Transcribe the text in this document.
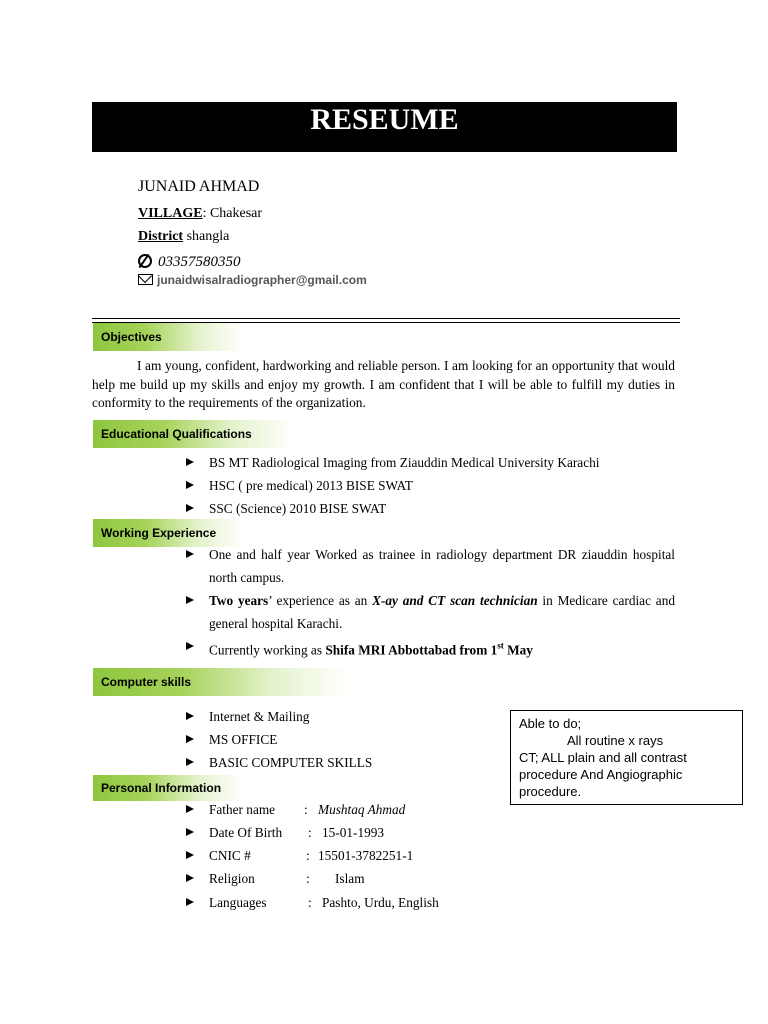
RESEUME
JUNAID AHMAD
VILLAGE: Chakesar
District shangla
03357580350
junaidwisalradiographer@gmail.com
Objectives
I am young, confident, hardworking and reliable person. I am looking for an opportunity that would help me build up my skills and enjoy my growth. I am confident that I will be able to fulfill my duties in conformity to the requirements of the organization.
Educational Qualifications
BS MT Radiological Imaging from Ziauddin Medical University Karachi
HSC ( pre medical) 2013 BISE SWAT
SSC (Science) 2010 BISE SWAT
Working Experience
One and half year Worked as trainee in radiology department DR ziauddin hospital north campus.
Two years’ experience as an X-ay and CT scan technician in Medicare cardiac and general hospital Karachi.
Currently working as Shifa MRI Abbottabad from 1st May
Computer skills
Internet & Mailing
MS OFFICE
BASIC COMPUTER SKILLS
Able to do;
All routine x rays
CT; ALL plain and all contrast procedure And Angiographic procedure.
Personal Information
Father name : Mushtaq Ahmad
Date Of Birth : 15-01-1993
CNIC #	: 15501-3782251-1
Religion	: Islam
Languages	: Pashto, Urdu, English
